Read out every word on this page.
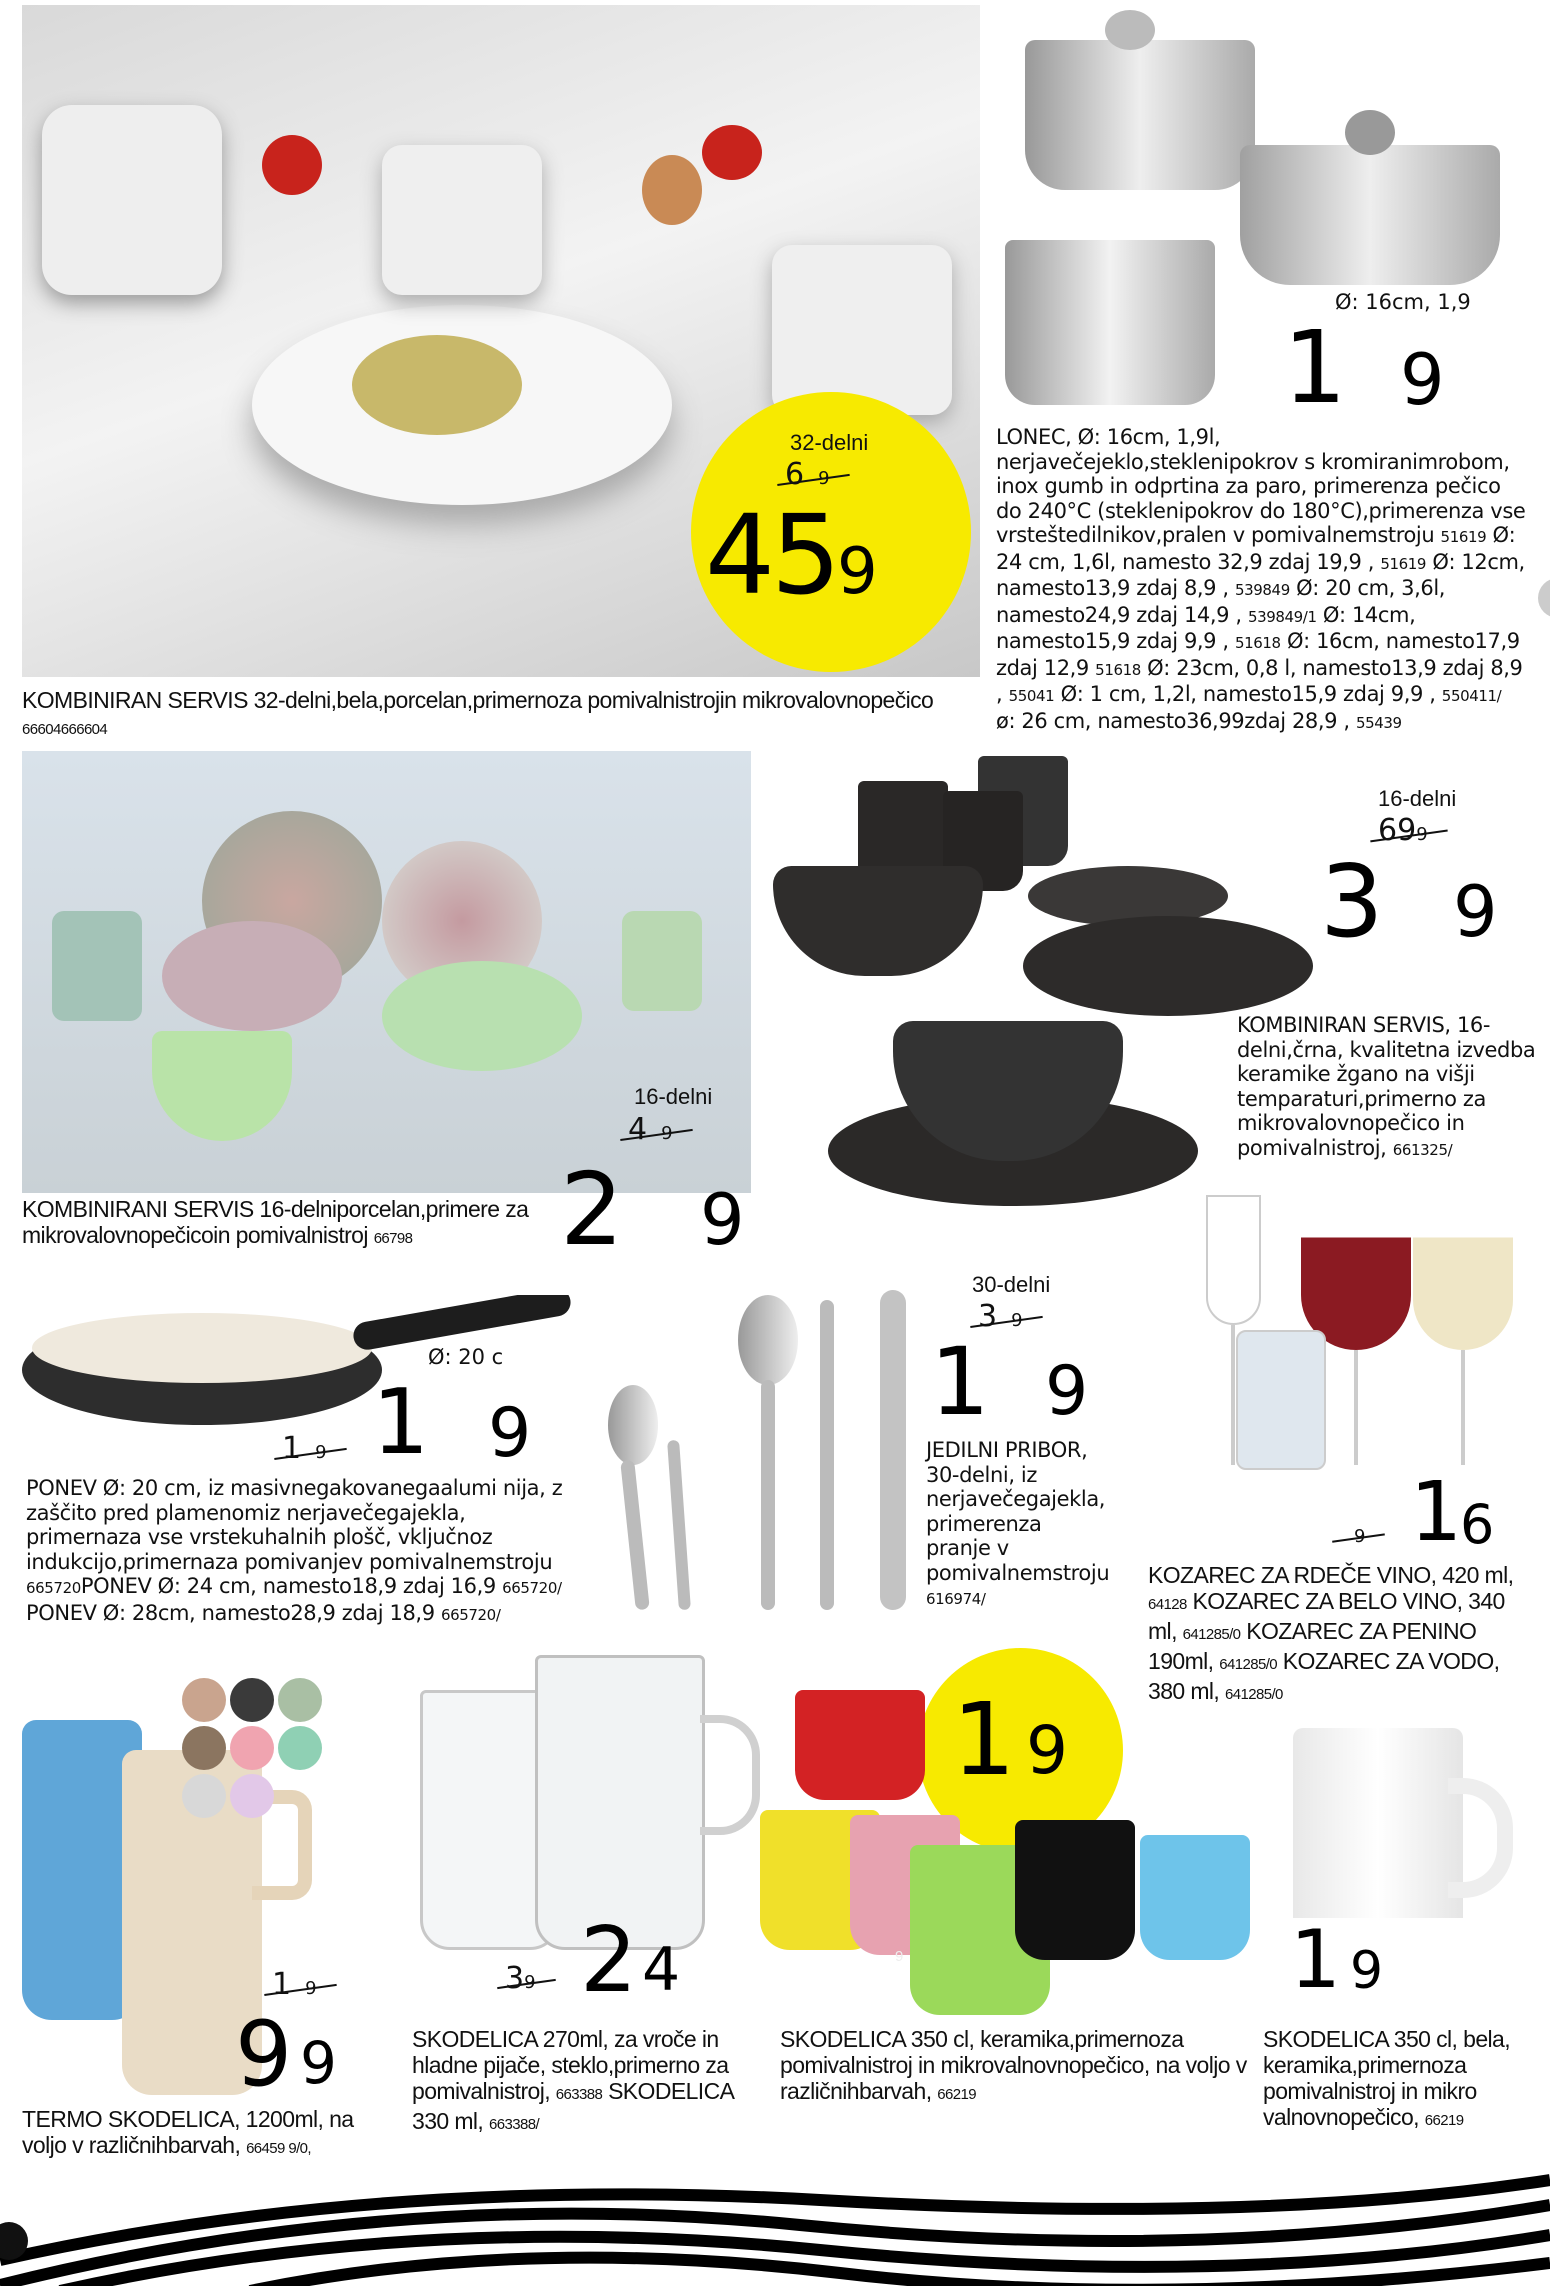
32-delni
6 9
459
KOMBINIRAN SERVIS 32-delni,bela,porcelan,primernoza pomivalnistrojin mikrovalovnopečico 66604666604
Ø: 16cm, 1,9
1 9
LONEC, Ø: 16cm, 1,9l, nerjavečejeklo,steklenipokrov s kromiranimrobom, inox gumb in odprtina za paro, primerenza pečico do 240°C (steklenipokrov do 180°C),primerenza vse vrsteštedilnikov,pralen v pomivalnemstroju 51619 Ø: 24 cm, 1,6l, namesto 32,9 zdaj 19,9 , 51619 Ø: 12cm, namesto13,9 zdaj 8,9 , 539849 Ø: 20 cm, 3,6l, namesto24,9 zdaj 14,9 , 539849/1 Ø: 14cm, namesto15,9 zdaj 9,9 , 51618 Ø: 16cm, namesto17,9 zdaj 12,9 51618 Ø: 23cm, 0,8 l, namesto13,9 zdaj 8,9 , 55041 Ø: 1 cm, 1,2l, namesto15,9 zdaj 9,9 , 550411/ ø: 26 cm, namesto36,99zdaj 28,9 , 55439
16-delni
4 9
2 9
KOMBINIRANI SERVIS 16-delniporcelan,primere za mikrovalovnopečicoin pomivalnistroj 66798
16-delni
699
3 9
KOMBINIRAN SERVIS, 16-delni,črna, kvalitetna izvedba keramike žgano na višji temparaturi,primerno za mikrovalovnopečico in pomivalnistroj, 661325/
Ø: 20 c
1 9 1 9
PONEV Ø: 20 cm, iz masivnegakovanegaalumi nija, z zaščito pred plamenomiz nerjavečegajekla, primernaza vse vrstekuhalnih plošč, vključnoz indukcijo,primernaza pomivanjev pomivalnemstroju 665720PONEV Ø: 24 cm, namesto18,9 zdaj 16,9 665720/ PONEV Ø: 28cm, namesto28,9 zdaj 18,9 665720/
30-delni
3 9
1 9
JEDILNI PRIBOR, 30-delni, iz nerjavečegajekla, primerenza pranje v pomivalnemstroju 616974/
9 1
6
KOZAREC ZA RDEČE VINO, 420 ml, 64128 KOZAREC ZA BELO VINO, 340 ml, 641285/0 KOZAREC ZA PENINO 190ml, 641285/0 KOZAREC ZA VODO, 380 ml, 641285/0
1 9
9 9
TERMO SKODELICA, 1200ml, na voljo v različnihbarvah, 66459 9/0,
39 2 4
SKODELICA 270ml, za vroče in hladne pijače, steklo,primerno za pomivalnistroj, 663388 SKODELICA 330 ml, 663388/
9
1 9
SKODELICA 350 cl, keramika,primernoza pomivalnistroj in mikrovalnovnopečico, na voljo v različnihbarvah, 66219
1 9
SKODELICA 350 cl, bela, keramika,primernoza pomivalnistroj in mikro valnovnopečico, 66219
